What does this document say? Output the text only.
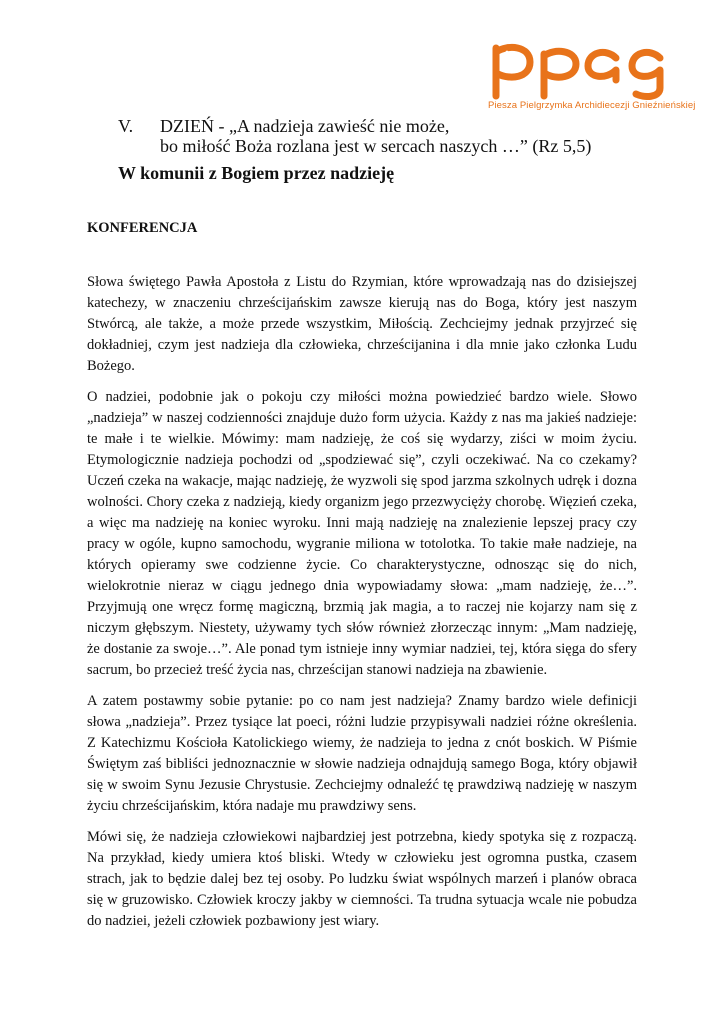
Piesza Pielgrzymka Archidiecezji Gnieźnieńskiej
V. DZIEŃ - „A nadzieja zawieść nie może,
bo miłość Boża rozlana jest w sercach naszych …” (Rz 5,5)
W komunii z Bogiem przez nadzieję
KONFERENCJA

Słowa świętego Pawła Apostoła z Listu do Rzymian, które wprowadzają nas do dzisiejszej katechezy, w znaczeniu chrześcijańskim zawsze kierują nas do Boga, który jest naszym Stwórcą, ale także, a może przede wszystkim, Miłością. Zechciejmy jednak przyjrzeć się dokładniej, czym jest nadzieja dla człowieka, chrześcijanina i dla mnie jako członka Ludu Bożego.

O nadziei, podobnie jak o pokoju czy miłości można powiedzieć bardzo wiele. Słowo „nadzieja” w naszej codzienności znajduje dużo form użycia. Każdy z nas ma jakieś nadzieje: te małe i te wielkie. Mówimy: mam nadzieję, że coś się wydarzy, ziści w moim życiu. Etymologicznie nadzieja pochodzi od „spodziewać się”, czyli oczekiwać. Na co czekamy? Uczeń czeka na wakacje, mając nadzieję, że wyzwoli się spod jarzma szkolnych udręk i dozna wolności. Chory czeka z nadzieją, kiedy organizm jego przezwycięży chorobę. Więzień czeka, a więc ma nadzieję na koniec wyroku. Inni mają nadzieję na znalezienie lepszej pracy czy pracy w ogóle, kupno samochodu, wygranie miliona w totolotka. To takie małe nadzieje, na których opieramy swe codzienne życie. Co charakterystyczne, odnosząc się do nich, wielokrotnie nieraz w ciągu jednego dnia wypowiadamy słowa: „mam nadzieję, że…”. Przyjmują one wręcz formę magiczną, brzmią jak magia, a to raczej nie kojarzy nam się z niczym głębszym. Niestety, używamy tych słów również złorzecząc innym: „Mam nadzieję, że dostanie za swoje…”. Ale ponad tym istnieje inny wymiar nadziei, tej, która sięga do sfery sacrum, bo przecież treść życia nas, chrześcijan stanowi nadzieja na zbawienie.

A zatem postawmy sobie pytanie: po co nam jest nadzieja? Znamy bardzo wiele definicji słowa „nadzieja”. Przez tysiące lat poeci, różni ludzie przypisywali nadziei różne określenia. Z Katechizmu Kościoła Katolickiego wiemy, że nadzieja to jedna z cnót boskich. W Piśmie Świętym zaś bibliści jednoznacznie w słowie nadzieja odnajdują samego Boga, który objawił się w swoim Synu Jezusie Chrystusie. Zechciejmy odnaleźć tę prawdziwą nadzieję w naszym życiu chrześcijańskim, która nadaje mu prawdziwy sens.

Mówi się, że nadzieja człowiekowi najbardziej jest potrzebna, kiedy spotyka się z rozpaczą. Na przykład, kiedy umiera ktoś bliski. Wtedy w człowieku jest ogromna pustka, czasem strach, jak to będzie dalej bez tej osoby. Po ludzku świat wspólnych marzeń i planów obraca się w gruzowisko. Człowiek kroczy jakby w ciemności. Ta trudna sytuacja wcale nie pobudza do nadziei, jeżeli człowiek pozbawiony jest wiary.
